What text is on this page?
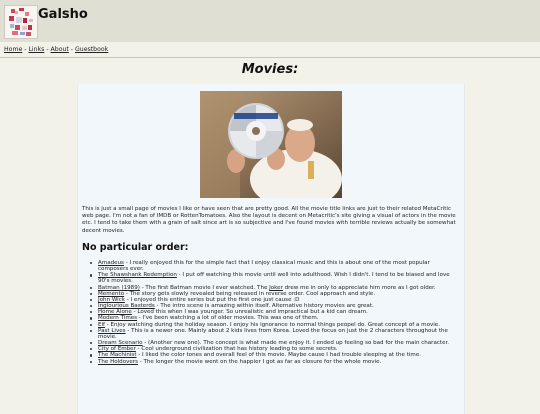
Galsho
Home - Links - About - Guestbook
Movies:
This is just a small page of movies I like or have seen that are pretty good. All the movie title links are just to their related MetaCritic web page. I'm not a fan of IMDB or RottenTomatoes. Also the layout is decent on Metacritic's site giving a visual of actors in the movie etc. I tend to take them with a grain of salt since art is so subjective and I've found movies with terrible reviews actually be somewhat decent movies.
No particular order:
Amadeus - I really enjoyed this for the simple fact that I enjoy classical music and this is about one of the most popular composers ever.
The Shawshank Redemption - I put off watching this movie until well into adulthood. Wish I didn't. I tend to be biased and love 90's movies.
Batman (1989) - The first Batman movie I ever watched. The Joker drew me in only to appreciate him more as I got older.
Memento - The story gets slowly revealed being released in reverse order. Cool approach and style.
John Wick - I enjoyed this entire series but put the first one just cause :D
Inglourious Basterds - The intro scene is amazing within itself. Alternative history movies are great.
Home Alone - Loved this when I was younger. So unrealistic and impractical but a kid can dream.
Modern Times - I've been watching a lot of older movies. This was one of them.
Elf - Enjoy watching during the holiday season. I enjoy his ignorance to normal things peopel do. Great concept of a movie.
Past Lives - This is a newer one. Mainly about 2 kids lives from Korea. Loved the focus on just the 2 characters throughout the movie.
Dream Scenario - (Another new one). The concept is what made me enjoy it. I ended up feeling so bad for the main character.
City of Ember - Cool underground civilization that has history leading to some secrets.
The Machinist - I liked the color tones and overall feel of this movie. Maybe cause I had trouble sleeping at the time.
The Holdovers - The longer the movie went on the happier I got as far as closure for the whole movie.
